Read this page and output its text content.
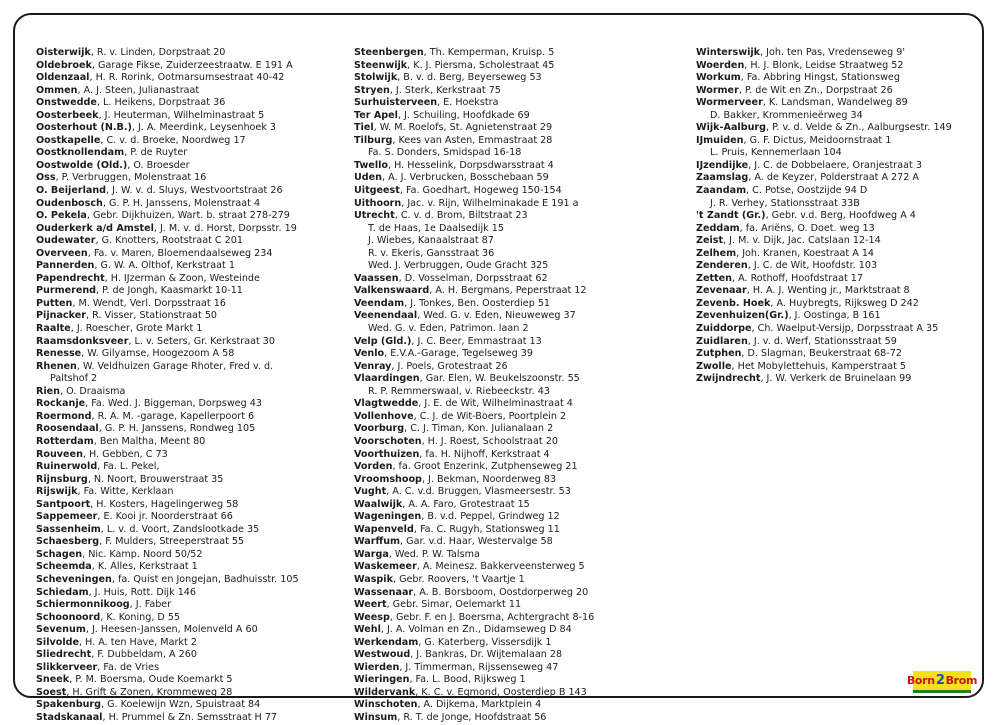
Oisterwijk, R. v. Linden, Dorpstraat 20
Oldebroek, Garage Fikse, Zuiderzeestraatw. E 191 A
Oldenzaal, H. R. Rorink, Ootmarsumsestraat 40-42
Ommen, A. J. Steen, Julianastraat
Onstwedde, L. Heikens, Dorpstraat 36
Oosterbeek, J. Heuterman, Wilhelminastraat 5
Oosterhout (N.B.), J. A. Meerdink, Leysenhoek 3
Oostkapelle, C. v. d. Broeke, Noordweg 17
Oostknollendam, P. de Ruyter
Oostwolde (Old.), O. Broesder
Oss, P. Verbruggen, Molenstraat 16
O. Beijerland, J. W. v. d. Sluys, Westvoortstraat 26
Oudenbosch, G. P. H. Janssens, Molenstraat 4
O. Pekela, Gebr. Dijkhuizen, Wart. b. straat 278-279
Ouderkerk a/d Amstel, J. M. v. d. Horst, Dorpsstr. 19
Oudewater, G. Knotters, Rootstraat C 201
Overveen, Fa. v. Maren, Bloemendaalseweg 234
Pannerden, G. W. A. Olthof, Kerkstraat 1
Papendrecht, H. IJzerman & Zoon, Westeinde
Purmerend, P. de Jongh, Kaasmarkt 10-11
Putten, M. Wendt, Verl. Dorpsstraat 16
Pijnacker, R. Visser, Stationstraat 50
Raalte, J. Roescher, Grote Markt 1
Raamsdonksveer, L. v. Seters, Gr. Kerkstraat 30
Renesse, W. Gilyamse, Hoogezoom A 58
Rhenen, W. Veldhuizen Garage Rhoter, Fred v. d.
Paltshof 2
Rien, O. Draaisma
Rockanje, Fa. Wed. J. Biggeman, Dorpsweg 43
Roermond, R. A. M. -garage, Kapellerpoort 6
Roosendaal, G. P. H. Janssens, Rondweg 105
Rotterdam, Ben Maltha, Meent 80
Rouveen, H. Gebben, C 73
Ruinerwold, Fa. L. Pekel,
Rijnsburg, N. Noort, Brouwerstraat 35
Rijswijk, Fa. Witte, Kerklaan
Santpoort, H. Kosters, Hagelingerweg 58
Sappemeer, E. Kooi jr. Noorderstraat 66
Sassenheim, L. v. d. Voort, Zandslootkade 35
Schaesberg, F. Mulders, Streeperstraat 55
Schagen, Nic. Kamp. Noord 50/52
Scheemda, K. Alles, Kerkstraat 1
Scheveningen, fa. Quist en Jongejan, Badhuisstr. 105
Schiedam, J. Huis, Rott. Dijk 146
Schiermonnikoog, J. Faber
Schoonoord, K. Koning, D 55
Sevenum, J. Heesen-Janssen, Molenveld A 60
Silvolde, H. A. ten Have, Markt 2
Sliedrecht, F. Dubbeldam, A 260
Slikkerveer, Fa. de Vries
Sneek, P. M. Boersma, Oude Koemarkt 5
Soest, H. Grift & Zonen, Krommeweg 28
Spakenburg, G. Koelewijn Wzn, Spuistraat 84
Stadskanaal, H. Prummel & Zn. Semsstraat H 77
Steenbergen, Th. Kemperman, Kruisp. 5
Steenwijk, K. J. Piersma, Scholestraat 45
Stolwijk, B. v. d. Berg, Beyerseweg 53
Stryen, J. Sterk, Kerkstraat 75
Surhuisterveen, E. Hoekstra
Ter Apel, J. Schuiling, Hoofdkade 69
Tiel, W. M. Roelofs, St. Agnietenstraat 29
Tilburg, Kees van Asten, Emmastraat 28
Fa. S. Donders, Smidspad 16-18
Twello, H. Hesselink, Dorpsdwarsstraat 4
Uden, A. J. Verbrucken, Bosschebaan 59
Uitgeest, Fa. Goedhart, Hogeweg 150-154
Uithoorn, Jac. v. Rijn, Wilhelminakade E 191 a
Utrecht, C. v. d. Brom, Biltstraat 23
T. de Haas, 1e Daalsedijk 15
J. Wiebes, Kanaalstraat 87
R. v. Ekeris, Gansstraat 36
Wed. J. Verbruggen, Oude Gracht 325
Vaassen, D. Vosselman, Dorpsstraat 62
Valkenswaard, A. H. Bergmans, Peperstraat 12
Veendam, J. Tonkes, Ben. Oosterdiep 51
Veenendaal, Wed. G. v. Eden, Nieuweweg 37
Wed. G. v. Eden, Patrimon. laan 2
Velp (Gld.), J. C. Beer, Emmastraat 13
Venlo, E.V.A.-Garage, Tegelseweg 39
Venray, J. Poels, Grotestraat 26
Vlaardingen, Gar. Elen, W. Beukelszoonstr. 55
R. P. Remmerswaal, v. Riebeeckstr. 43
Vlagtwedde, J. E. de Wit, Wilhelminastraat 4
Vollenhove, C. J. de Wit-Boers, Poortplein 2
Voorburg, C. J. Timan, Kon. Julianalaan 2
Voorschoten, H. J. Roest, Schoolstraat 20
Voorthuizen, fa. H. Nijhoff, Kerkstraat 4
Vorden, fa. Groot Enzerink, Zutphenseweg 21
Vroomshoop, J. Bekman, Noorderweg 83
Vught, A. C. v.d. Bruggen, Vlasmeersestr. 53
Waalwijk, A. A. Faro, Grotestraat 15
Wageningen, B. v.d. Peppel, Grindweg 12
Wapenveld, Fa. C. Rugyh, Stationsweg 11
Warffum, Gar. v.d. Haar, Westervalge 58
Warga, Wed. P. W. Talsma
Waskemeer, A. Meinesz. Bakkerveensterweg 5
Waspik, Gebr. Roovers, 't Vaartje 1
Wassenaar, A. B. Borsboom, Oostdorperweg 20
Weert, Gebr. Simar, Oelemarkt 11
Weesp, Gebr. F. en J. Boersma, Achtergracht 8-16
Wehl, J. A. Volman en Zn., Didamseweg D 84
Werkendam, G. Katerberg, Vissersdijk 1
Westwoud, J. Bankras, Dr. Wijtemalaan 28
Wierden, J. Timmerman, Rijssenseweg 47
Wieringen, Fa. L. Bood, Rijksweg 1
Wildervank, K. C. v. Egmond, Oosterdiep B 143
Winschoten, A. Dijkema, Marktplein 4
Winsum, R. T. de Jonge, Hoofdstraat 56
Winterswijk, Joh. ten Pas, Vredenseweg 9'
Woerden, H. J. Blonk, Leidse Straatweg 52
Workum, Fa. Abbring Hingst, Stationsweg
Wormer, P. de Wit en Zn., Dorpstraat 26
Wormerveer, K. Landsman, Wandelweg 89
D. Bakker, Krommenieërweg 34
Wijk-Aalburg, P. v. d. Velde & Zn., Aalburgsestr. 149
IJmuiden, G. F. Dictus, Meidoornstraat 1
L. Pruis, Kennemerlaan 104
IJzendijke, J. C. de Dobbelaere, Oranjestraat 3
Zaamslag, A. de Keyzer, Polderstraat A 272 A
Zaandam, C. Potse, Oostzijde 94 D
J. R. Verhey, Stationsstraat 33B
't Zandt (Gr.), Gebr. v.d. Berg, Hoofdweg A 4
Zeddam, fa. Ariëns, O. Doet. weg 13
Zeist, J. M. v. Dijk, Jac. Catslaan 12-14
Zelhem, Joh. Kranen, Koestraat A 14
Zenderen, J. C. de Wit, Hoofdstr. 103
Zetten, A. Rothoff, Hoofdstraat 17
Zevenaar, H. A. J. Wenting jr., Marktstraat 8
Zevenb. Hoek, A. Huybregts, Rijksweg D 242
Zevenhuizen(Gr.), J. Oostinga, B 161
Zuiddorpe, Ch. Waelput-Versijp, Dorpsstraat A 35
Zuidlaren, J. v. d. Werf, Stationsstraat 59
Zutphen, D. Slagman, Beukerstraat 68-72
Zwolle, Het Mobylettehuis, Kamperstraat 5
Zwijndrecht, J. W. Verkerk de Bruinelaan 99
Born 2 Brom
